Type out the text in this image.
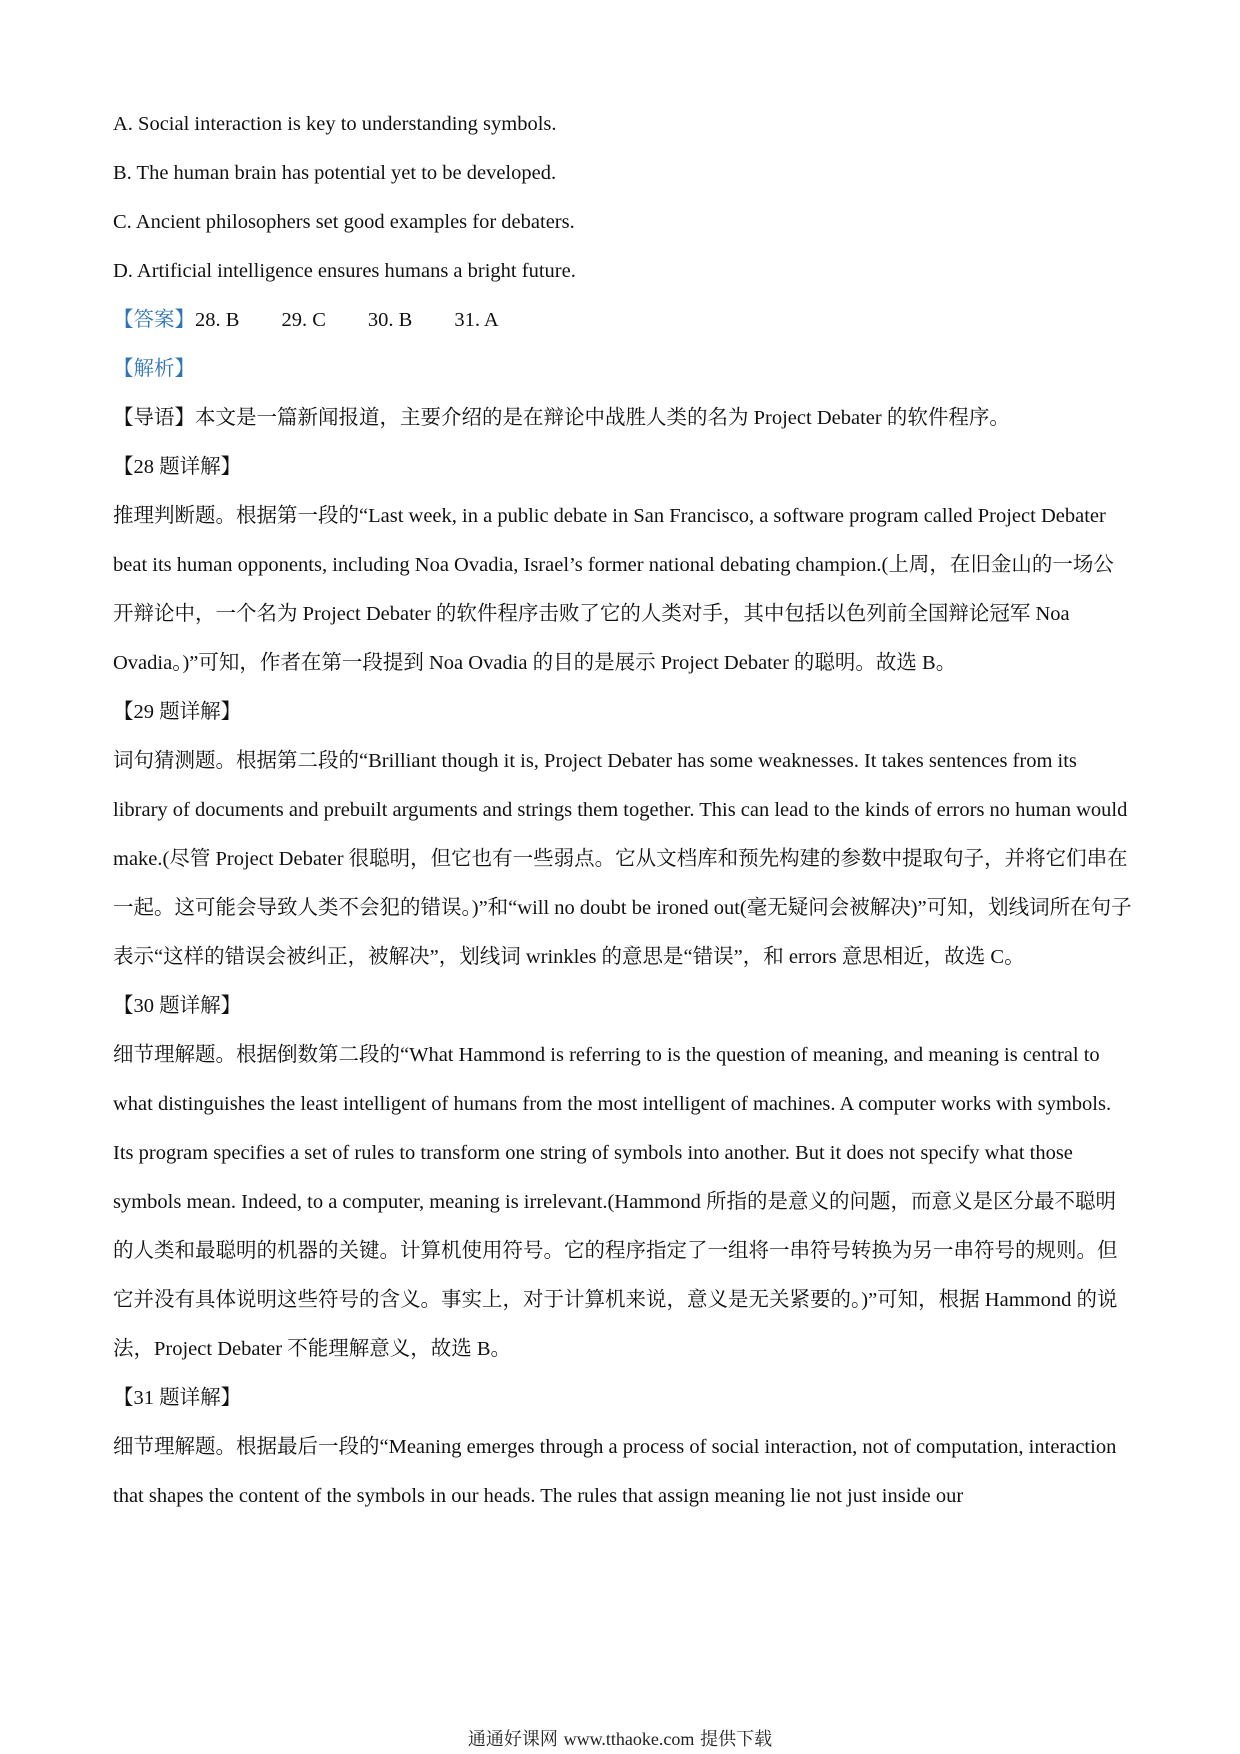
A. Social interaction is key to understanding symbols.

B. The human brain has potential yet to be developed.

C. Ancient philosophers set good examples for debaters.

D. Artificial intelligence ensures humans a bright future.

【答案】28. B 29. C 30. B 31. A

【解析】

【导语】本文是一篇新闻报道，主要介绍的是在辩论中战胜人类的名为 Project Debater 的软件程序。

【28 题详解】

推理判断题。根据第一段的“Last week, in a public debate in San Francisco, a software program called Project Debater beat its human opponents, including Noa Ovadia, Israel’s former national debating champion.(上周，在旧金山的一场公开辩论中，一个名为 Project Debater 的软件程序击败了它的人类对手，其中包括以色列前全国辩论冠军 Noa Ovadia。)”可知，作者在第一段提到 Noa Ovadia 的目的是展示 Project Debater 的聪明。故选 B。

【29 题详解】

词句猜测题。根据第二段的“Brilliant though it is, Project Debater has some weaknesses. It takes sentences from its library of documents and prebuilt arguments and strings them together. This can lead to the kinds of errors no human would make.(尽管 Project Debater 很聪明，但它也有一些弱点。它从文档库和预先构建的参数中提取句子，并将它们串在一起。这可能会导致人类不会犯的错误。)”和“will no doubt be ironed out(毫无疑问会被解决)”可知，划线词所在句子表示“这样的错误会被纠正，被解决”，划线词 wrinkles 的意思是“错误”，和 errors 意思相近，故选 C。

【30 题详解】

细节理解题。根据倒数第二段的“What Hammond is referring to is the question of meaning, and meaning is central to what distinguishes the least intelligent of humans from the most intelligent of machines. A computer works with symbols. Its program specifies a set of rules to transform one string of symbols into another. But it does not specify what those symbols mean. Indeed, to a computer, meaning is irrelevant.(Hammond 所指的是意义的问题，而意义是区分最不聪明的人类和最聪明的机器的关键。计算机使用符号。它的程序指定了一组将一串符号转换为另一串符号的规则。但它并没有具体说明这些符号的含义。事实上，对于计算机来说，意义是无关紧要的。)”可知，根据 Hammond 的说法，Project Debater 不能理解意义，故选 B。

【31 题详解】

细节理解题。根据最后一段的“Meaning emerges through a process of social interaction, not of computation, interaction that shapes the content of the symbols in our heads. The rules that assign meaning lie not just inside our

通通好课网 www.tthaoke.com 提供下载
